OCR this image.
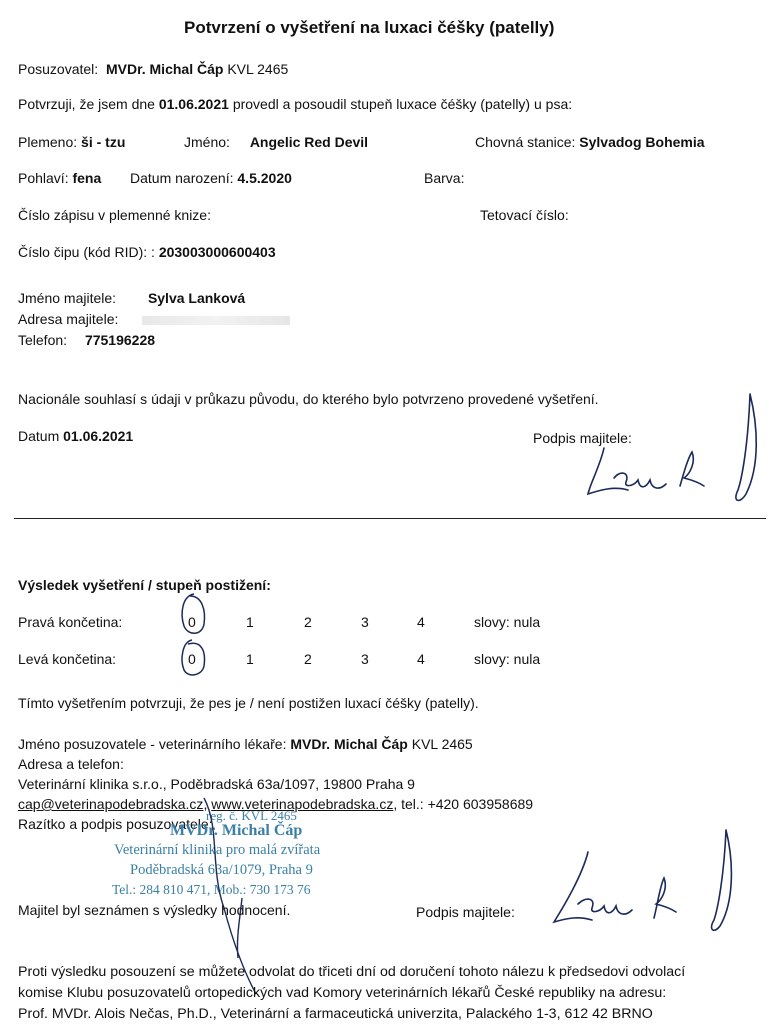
Potvrzení o vyšetření na luxaci čéšky (patelly)
Posuzovatel: MVDr. Michal Čáp KVL 2465
Potvrzuji, že jsem dne 01.06.2021 provedl a posoudil stupeň luxace čéšky (patelly) u psa:
Plemeno: ši - tzu	Jméno: Angelic Red Devil	Chovná stanice: Sylvadog Bohemia
Pohlaví: fena Datum narození: 4.5.2020	Barva:
Číslo zápisu v plemenné knize:	Tetovací číslo:
Číslo čipu (kód RID): : 203003000600403
Jméno majitele: Sylva Lanková
Adresa majitele:
Telefon: 775196228
Nacionále souhlasí s údaji v průkazu původu, do kterého bylo potvrzeno provedené vyšetření.
Datum 01.06.2021	Podpis majitele:
Výsledek vyšetření / stupeň postižení:
Pravá končetina:	0	1	2	3	4	slovy: nula
Levá končetina:	0	1	2	3	4	slovy: nula
Tímto vyšetřením potvrzuji, že pes je / není postižen luxací čéšky (patelly).
Jméno posuzovatele - veterinárního lékaře: MVDr. Michal Čáp KVL 2465
Adresa a telefon:
Veterinární klinika s.r.o., Poděbradská 63a/1097, 19800 Praha 9
cap@veterinapodebradska.cz, www.veterinapodebradska.cz, tel.: +420 603958689
Razítko a podpis posuzovatele:
reg. č. KVL 2465
MVDr. Michal Čáp
Veterinární klinika pro malá zvířata
Poděbradská 63a/1079, Praha 9
Tel.: 284 810 471, Mob.: 730 173 76
Majitel byl seznámen s výsledky hodnocení.	Podpis majitele:
Proti výsledku posouzení se můžete odvolat do třiceti dní od doručení tohoto nálezu k předsedovi odvolací
komise Klubu posuzovatelů ortopedických vad Komory veterinárních lékařů České republiky na adresu:
Prof. MVDr. Alois Nečas, Ph.D., Veterinární a farmaceutická univerzita, Palackého 1-3, 612 42 BRNO
